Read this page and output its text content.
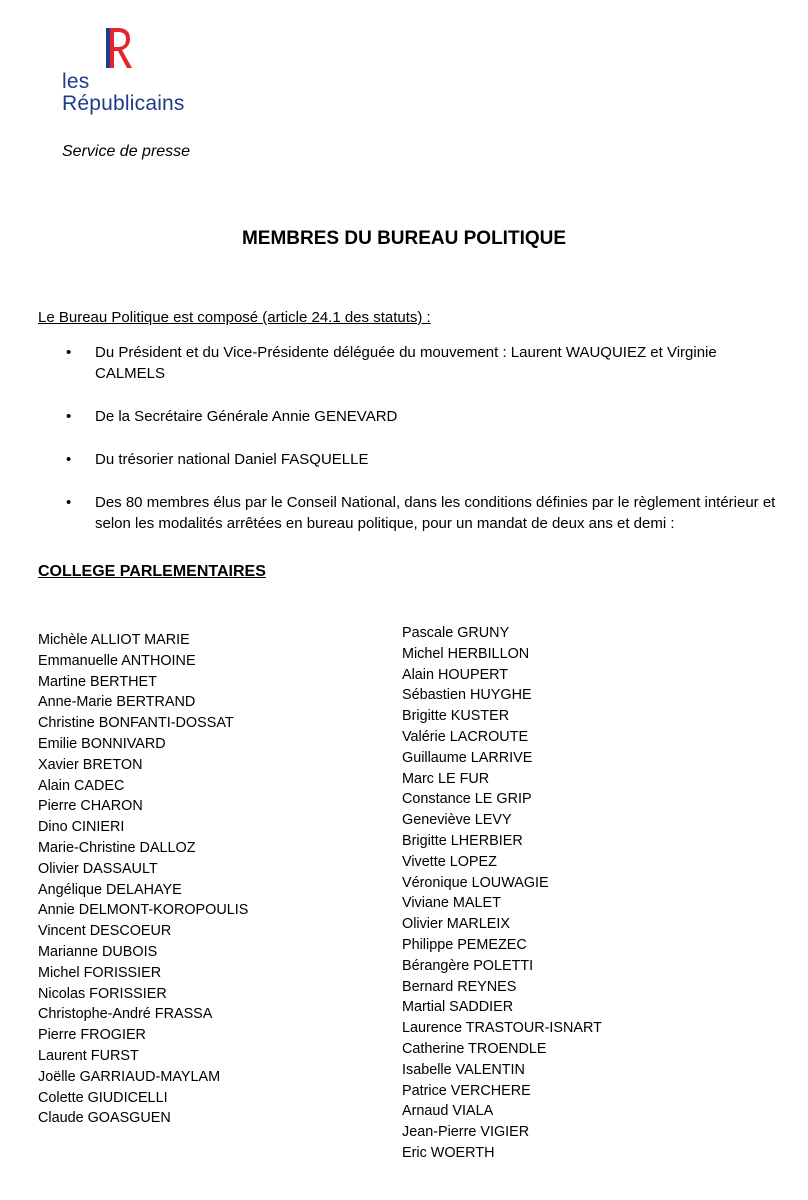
les
Républicains
Service de presse
MEMBRES DU BUREAU POLITIQUE
Le Bureau Politique est composé (article 24.1 des statuts) :
• Du Président et du Vice-Présidente déléguée du mouvement : Laurent WAUQUIEZ et Virginie CALMELS
• De la Secrétaire Générale Annie GENEVARD
• Du trésorier national Daniel FASQUELLE
• Des 80 membres élus par le Conseil National, dans les conditions définies par le règlement intérieur et selon les modalités arrêtées en bureau politique, pour un mandat de deux ans et demi :
COLLEGE PARLEMENTAIRES
Michèle ALLIOT MARIE
Emmanuelle ANTHOINE
Martine BERTHET
Anne-Marie BERTRAND
Christine BONFANTI-DOSSAT
Emilie BONNIVARD
Xavier BRETON
Alain CADEC
Pierre CHARON
Dino CINIERI
Marie-Christine DALLOZ
Olivier DASSAULT
Angélique DELAHAYE
Annie DELMONT-KOROPOULIS
Vincent DESCOEUR
Marianne DUBOIS
Michel FORISSIER
Nicolas FORISSIER
Christophe-André FRASSA
Pierre FROGIER
Laurent FURST
Joëlle GARRIAUD-MAYLAM
Colette GIUDICELLI
Claude GOASGUEN
Pascale GRUNY
Michel HERBILLON
Alain HOUPERT
Sébastien HUYGHE
Brigitte KUSTER
Valérie LACROUTE
Guillaume LARRIVE
Marc LE FUR
Constance LE GRIP
Geneviève LEVY
Brigitte LHERBIER
Vivette LOPEZ
Véronique LOUWAGIE
Viviane MALET
Olivier MARLEIX
Philippe PEMEZEC
Bérangère POLETTI
Bernard REYNES
Martial SADDIER
Laurence TRASTOUR-ISNART
Catherine TROENDLE
Isabelle VALENTIN
Patrice VERCHERE
Arnaud VIALA
Jean-Pierre VIGIER
Eric WOERTH
